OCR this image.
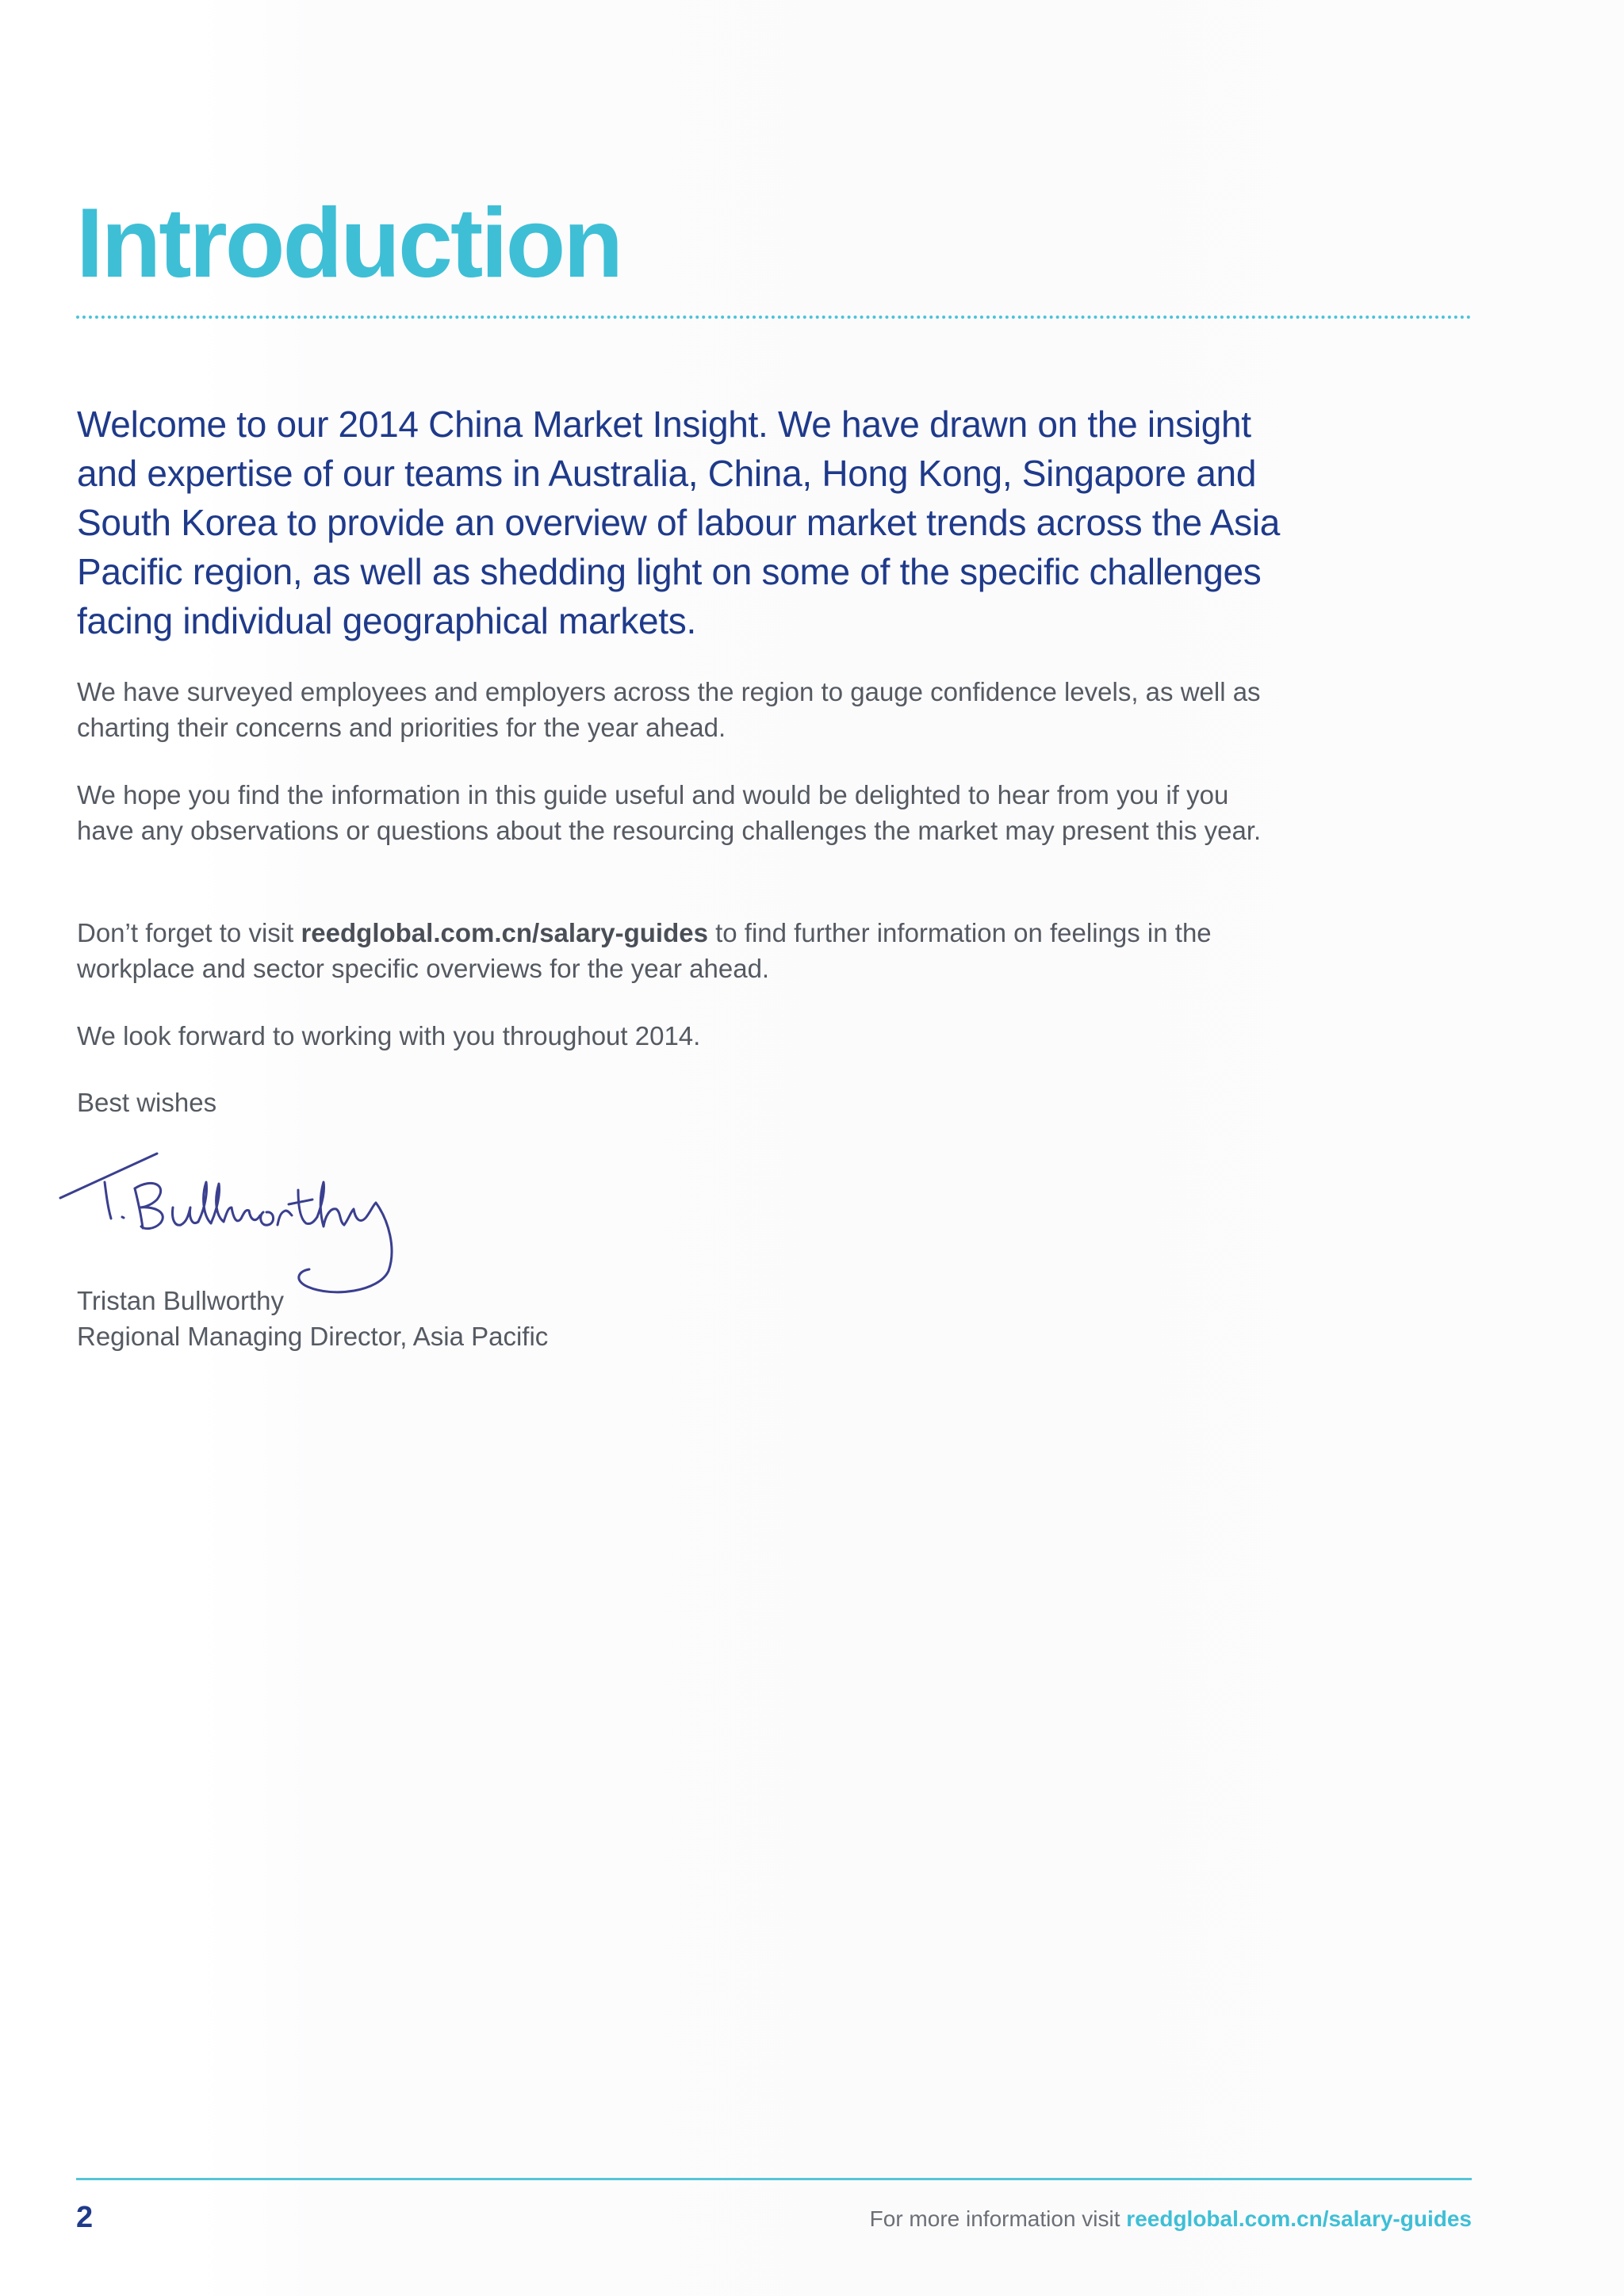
Introduction

Welcome to our 2014 China Market Insight. We have drawn on the insight and expertise of our teams in Australia, China, Hong Kong, Singapore and South Korea to provide an overview of labour market trends across the Asia Pacific region, as well as shedding light on some of the specific challenges facing individual geographical markets.

We have surveyed employees and employers across the region to gauge confidence levels, as well as charting their concerns and priorities for the year ahead.

We hope you find the information in this guide useful and would be delighted to hear from you if you have any observations or questions about the resourcing challenges the market may present this year.

Don’t forget to visit reedglobal.com.cn/salary-guides to find further information on feelings in the workplace and sector specific overviews for the year ahead.

We look forward to working with you throughout 2014.

Best wishes

Tristan Bullworthy

Regional Managing Director, Asia Pacific

2	For more information visit reedglobal.com.cn/salary-guides
